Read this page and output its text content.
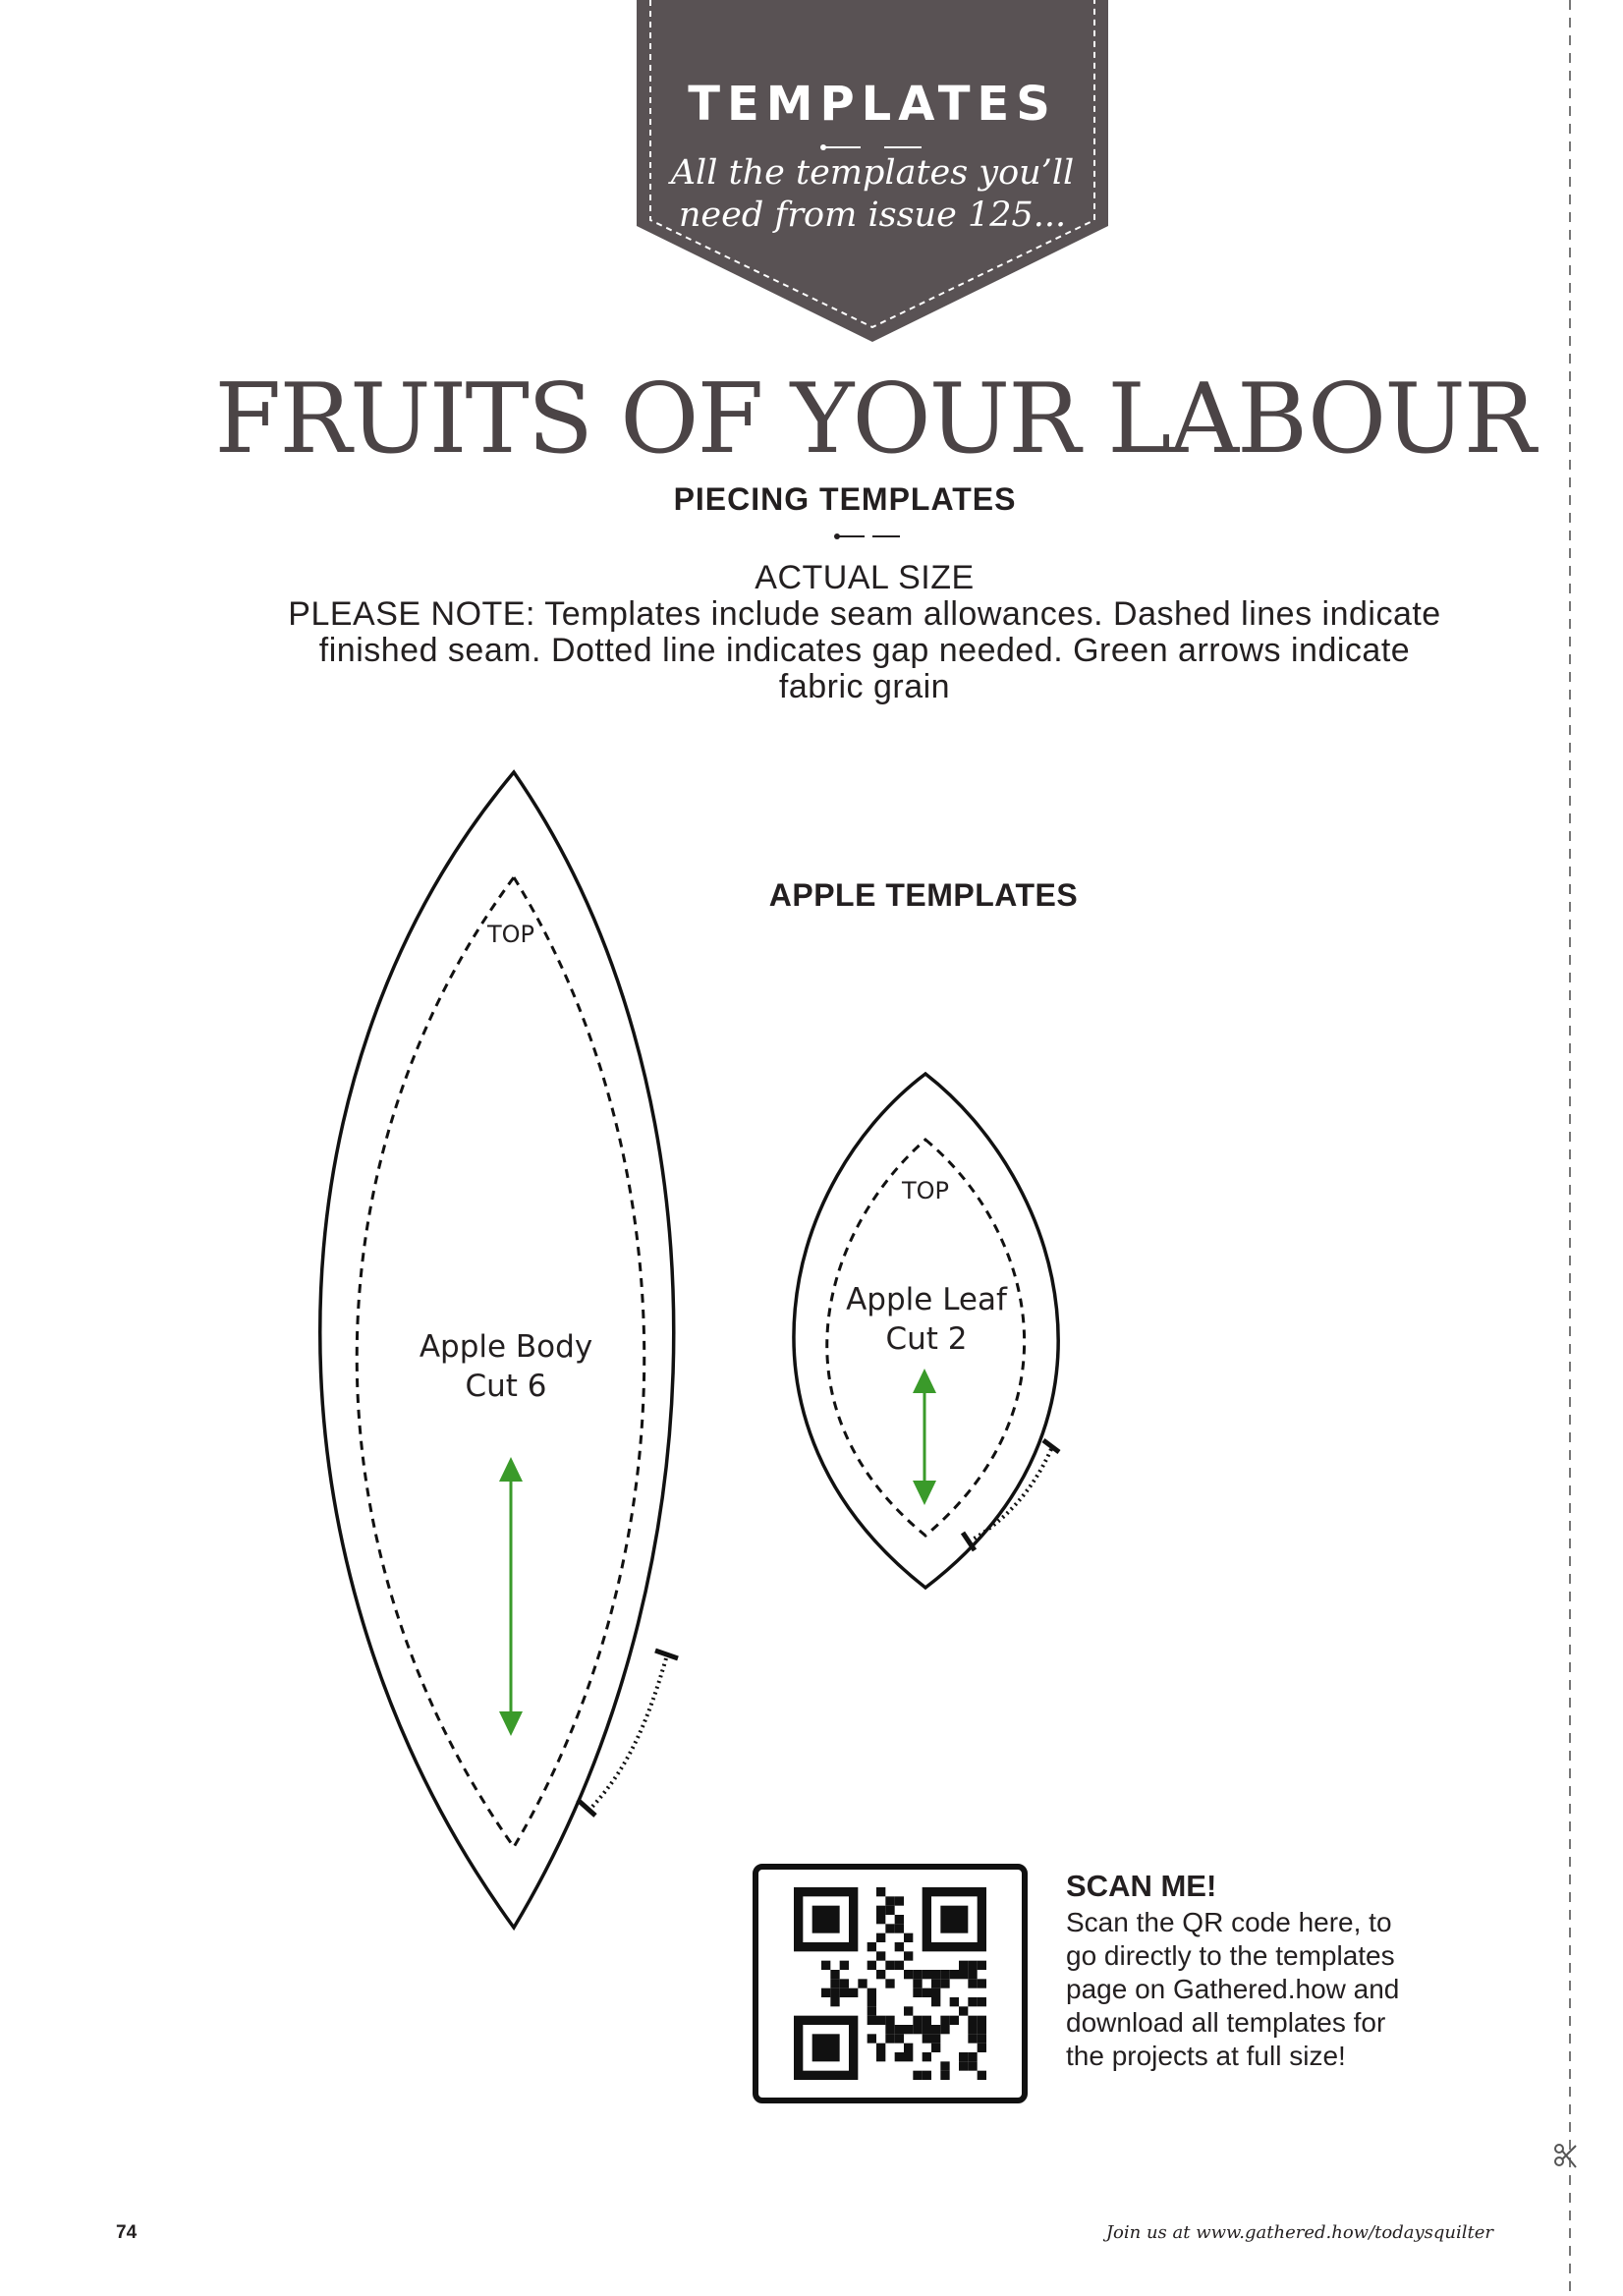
TEMPLATES
All the templates you’ll
need from issue 125...
FRUITS OF YOUR LABOUR
PIECING TEMPLATES
ACTUAL SIZE
PLEASE NOTE: Templates include seam allowances. Dashed lines indicate
finished seam. Dotted line indicates gap needed. Green arrows indicate
fabric grain
APPLE TEMPLATES
TOP
Apple Body
Cut 6
TOP
Apple Leaf
Cut 2
SCAN ME!
Scan the QR code here, to
go directly to the templates
page on Gathered.how and
download all templates for
the projects at full size!
74	Join us at www.gathered.how/todaysquilter
